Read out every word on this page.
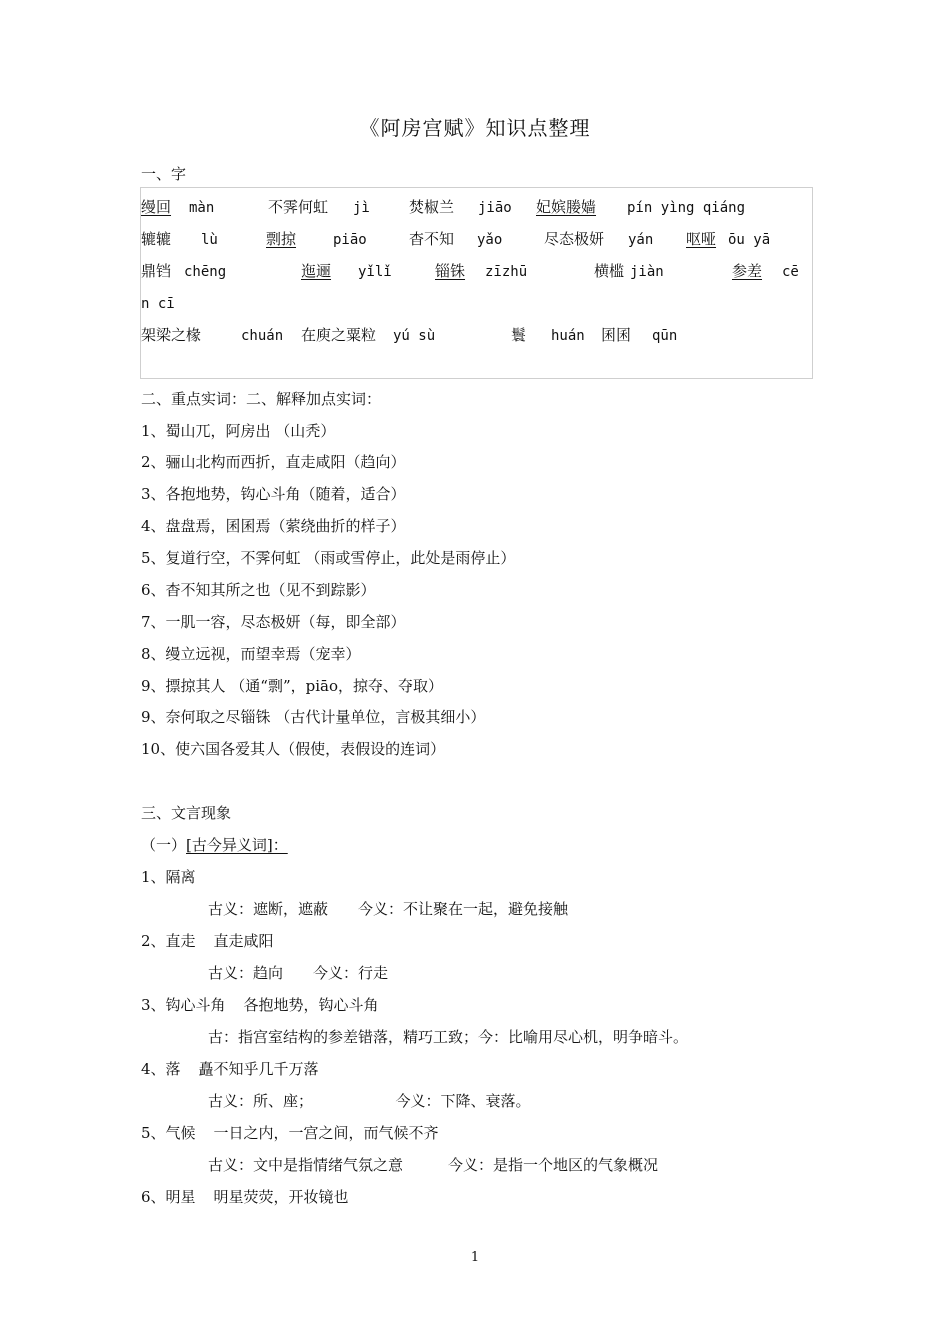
《阿房宫赋》知识点整理
一、字
缦回 màn	不霁何虹 jì	焚椒兰 jiāo 妃嫔媵嫱 pín yìng qiáng
辘辘 lù	剽掠	piāo	杳不知 yǎo	尽态极妍 yán 呕哑 ōu yā
鼎铛 chēng	迤逦 yǐlǐ	锱铢 zīzhū	横槛 jiàn	参差 cē
n cī
架梁之椽	chuán 在庾之粟粒 yú sù	鬟 huán 囷囷 qūn
二、重点实词：二、解释加点实词：
1、蜀山兀，阿房出 （山秃）
2、骊山北构而西折，直走咸阳（趋向）
3、各抱地势，钩心斗角（随着，适合）
4、盘盘焉，囷囷焉（萦绕曲折的样子）
5、复道行空，不霁何虹 （雨或雪停止，此处是雨停止）
6、杳不知其所之也（见不到踪影）
7、一肌一容，尽态极妍（每，即全部）
8、缦立远视，而望幸焉（宠幸）
9、摽掠其人 （通“剽”，piāo，掠夺、夺取）
9、奈何取之尽锱铢 （古代计量单位，言极其细小）
10、使六国各爱其人（假使，表假设的连词）
三、文言现象
（一）[古今异义词]：
1、隔离
古义：遮断，遮蔽　　今义：不让聚在一起，避免接触
2、直走 直走咸阳
古义：趋向　　今义：行走
3、钩心斗角 各抱地势，钩心斗角
古：指宫室结构的参差错落，精巧工致；今：比喻用尽心机，明争暗斗。
4、落 矗不知乎几千万落
古义：所、座；　　　　　　今义：下降、衰落。
5、气候 一日之内，一宫之间，而气候不齐
古义：文中是指情绪气氛之意　　　今义：是指一个地区的气象概况
6、明星 明星荧荧，开妆镜也
1
